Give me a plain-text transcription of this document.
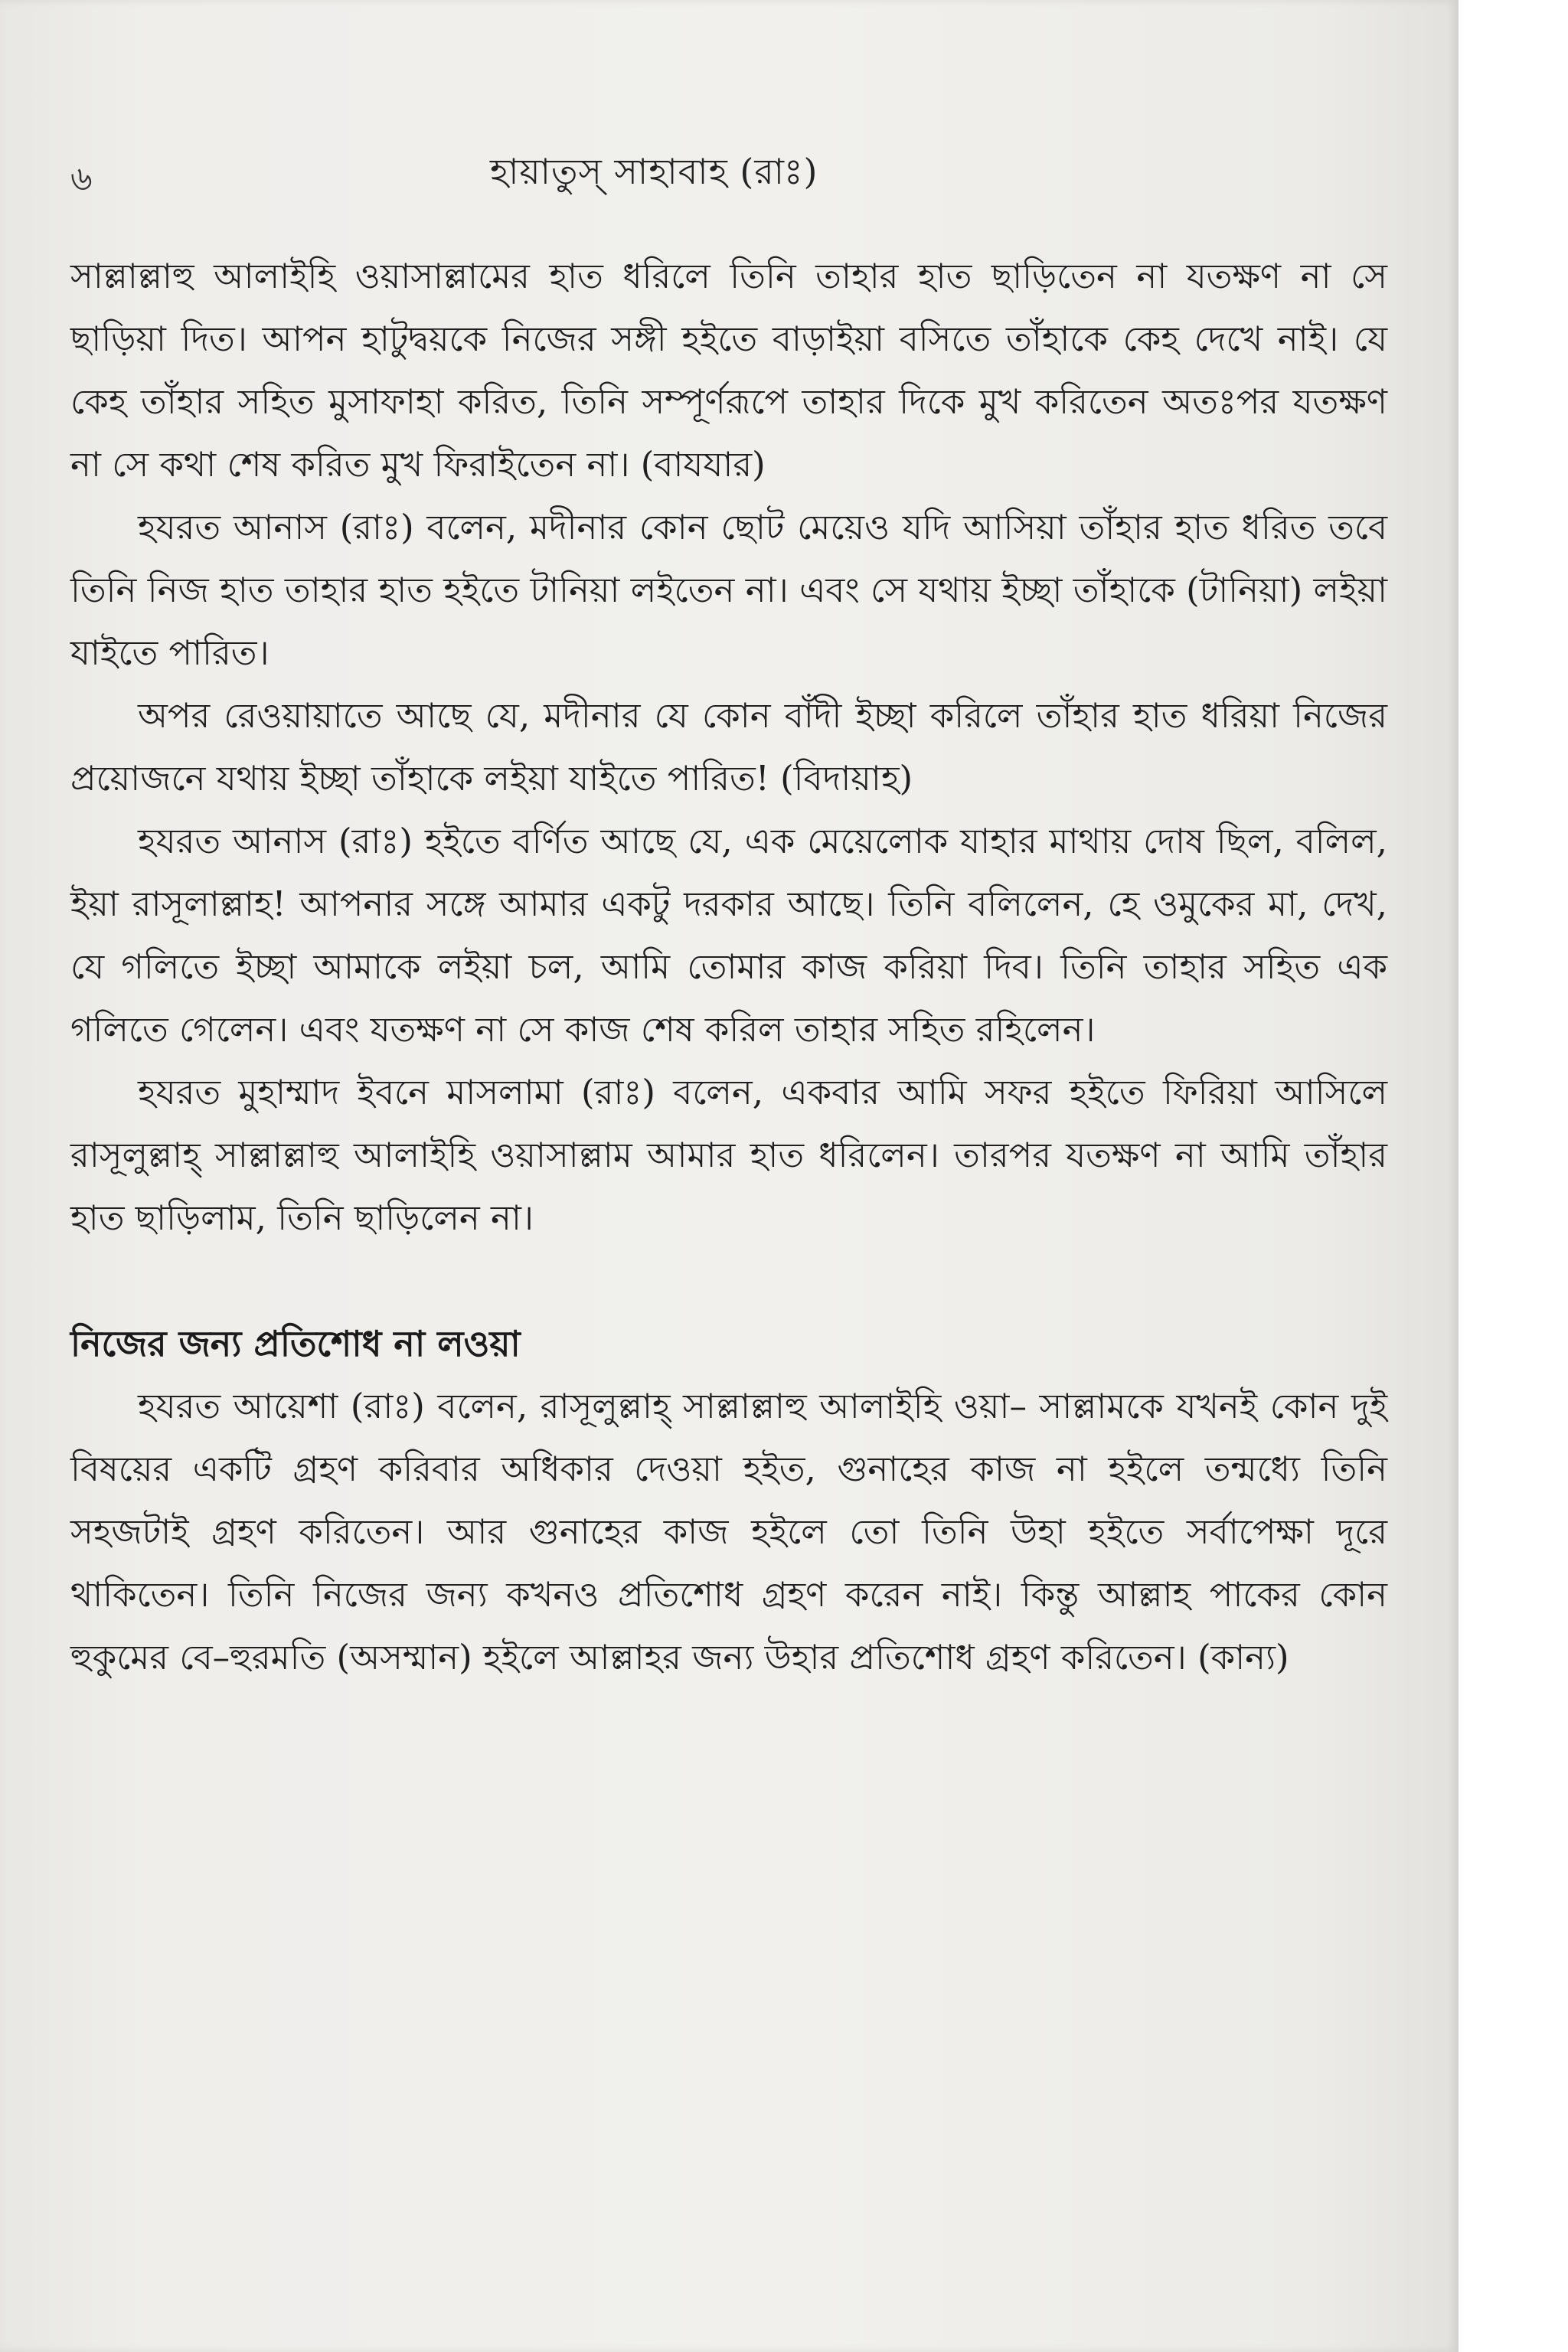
৬	হায়াতুস্ সাহাবাহ (রাঃ)

সাল্লাল্লাহু আলাইহি ওয়াসাল্লামের হাত ধরিলে তিনি তাহার হাত ছাড়িতেন না যতক্ষণ না সে ছাড়িয়া দিত। আপন হাটুদ্বয়কে নিজের সঙ্গী হইতে বাড়াইয়া বসিতে তাঁহাকে কেহ দেখে নাই। যে কেহ তাঁহার সহিত মুসাফাহা করিত, তিনি সম্পূর্ণরূপে তাহার দিকে মুখ করিতেন অতঃপর যতক্ষণ না সে কথা শেষ করিত মুখ ফিরাইতেন না। (বাযযার)

হযরত আনাস (রাঃ) বলেন, মদীনার কোন ছোট মেয়েও যদি আসিয়া তাঁহার হাত ধরিত তবে তিনি নিজ হাত তাহার হাত হইতে টানিয়া লইতেন না। এবং সে যথায় ইচ্ছা তাঁহাকে (টানিয়া) লইয়া যাইতে পারিত।

অপর রেওয়ায়াতে আছে যে, মদীনার যে কোন বাঁদী ইচ্ছা করিলে তাঁহার হাত ধরিয়া নিজের প্রয়োজনে যথায় ইচ্ছা তাঁহাকে লইয়া যাইতে পারিত! (বিদায়াহ)

হযরত আনাস (রাঃ) হইতে বর্ণিত আছে যে, এক মেয়েলোক যাহার মাথায় দোষ ছিল, বলিল, ইয়া রাসূলাল্লাহ! আপনার সঙ্গে আমার একটু দরকার আছে। তিনি বলিলেন, হে ওমুকের মা, দেখ, যে গলিতে ইচ্ছা আমাকে লইয়া চল, আমি তোমার কাজ করিয়া দিব। তিনি তাহার সহিত এক গলিতে গেলেন। এবং যতক্ষণ না সে কাজ শেষ করিল তাহার সহিত রহিলেন।

হযরত মুহাম্মাদ ইবনে মাসলামা (রাঃ) বলেন, একবার আমি সফর হইতে ফিরিয়া আসিলে রাসূলুল্লাহ্ সাল্লাল্লাহু আলাইহি ওয়াসাল্লাম আমার হাত ধরিলেন। তারপর যতক্ষণ না আমি তাঁহার হাত ছাড়িলাম, তিনি ছাড়িলেন না।

নিজের জন্য প্রতিশোধ না লওয়া

হযরত আয়েশা (রাঃ) বলেন, রাসূলুল্লাহ্ সাল্লাল্লাহু আলাইহি ওয়া– সাল্লামকে যখনই কোন দুই বিষয়ের একটি গ্রহণ করিবার অধিকার দেওয়া হইত, গুনাহের কাজ না হইলে তন্মধ্যে তিনি সহজটাই গ্রহণ করিতেন। আর গুনাহের কাজ হইলে তো তিনি উহা হইতে সর্বাপেক্ষা দূরে থাকিতেন। তিনি নিজের জন্য কখনও প্রতিশোধ গ্রহণ করেন নাই। কিন্তু আল্লাহ পাকের কোন হুকুমের বে–হুরমতি (অসম্মান) হইলে আল্লাহর জন্য উহার প্রতিশোধ গ্রহণ করিতেন। (কান্য)
